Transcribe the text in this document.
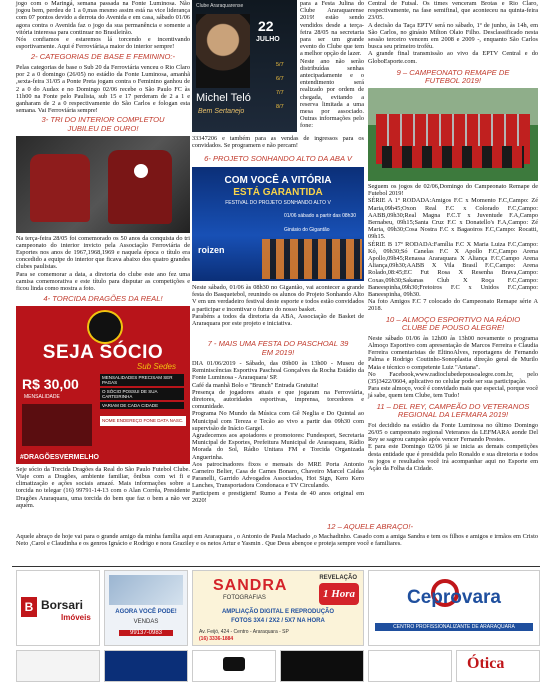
jogo com o Maringá, semana passada na Fonte Luminosa. Não jogou bem, perdeu de 1 a 0,mas mesmo assim está na vice liderança com 07 pontos devido a derrota do Avenida e em casa, sábado 01/06 agora contra o Avenida faz o jogo da sua permanência e somente a vitória interessa para continuar no Brasileirão.
Nós confiamos e estaremos lá torcendo e incentivando esportivamente. Aqui é Ferroviária,a maior do interior sempre!

2- CATEGORIAS DE BASE E FEMININO:-

Pelas categorias de base o Sub 20 da Ferroviária venceu o Rio Claro por 2 a 0 domingo (26/05) no estádio da Fonte Luminosa, amanhã ,sexta-feira 31/05 a Ponte Preta jogam contra o Feminino ganhou de 2 a 0 do Audax e no Domingo 02/06 recebe o São Paulo FC às 11h00 na Fonte pelo Paulista, sub 15 e 17 perderam de 2 a 1 e ganharam de 2 a 0 respectivamente do São Carlos e fologan esta semana. Vai Ferroviária sempre!

3- TRI DO INTERIOR COMPLETOU JUBILEU DE OURO!

Na terça-feira 28/05 foi comemorado os 50 anos da conquista do tri campeonato do interior invicto pela Associação Ferroviária de Esportes nos anos de 1967,1968,1969 e naquela época o título era concedido a equipe do interior que ficava abaixo dos quatro grandes clubes paulistas.
Para se comemorar a data, a diretoria do clube este ano fez uma camisa comemorativa e este título para disputar as competições e ficou linda como mostra a foto.

4- TORCIDA DRAGÕES DA REAL!
SEJA SÓCIO
Sub Sedes
R$ 30,00
MENSALIDADE
MENSALIDADES PRECISAM SER PAGAS
O SÓCIO POSSUI DE SUA CARTEIRINHA
VARIAM DE CADA CIDADE
NOME ENDEREÇO FONE DATA NASC.
#DRAGÕESVERMELHO

Seje sócio da Torcida Dragões da Real do São Paulo Futebol Clube. Viaje com a Dragões, ambiente familiar, ônibus com wi fi e climatização e ações sociais amazé. Mais informações sobre a torcida no telegar (16) 99791-14-13 com o Alan Corrêa, Presidente Dragões Araraquara, uma torcida do bem que faz o bem a não ver aquém.

Clube Araraquarense
22
JULHO
Michel Teló
Bem Sertanejo
5/7
6/7
7/7
8/7

para a Festa Julina do Clube Araraquarense 2019! estão sendo vendidos desde a terça-feira 28/05 na secretaria para ser um grande evento do Clube que tem a melhor opção de lazer.
Neste ano não serão distribuídas senhas antecipadamente e o entendimento será realizado por ordem de chegada, evitando a reserva limitada a uma mesa por associado. Outras informações pelo fone:

33347206 e também para as vendas de ingressos para os convidados. Se programem e não percam!

6- PROJETO SONHANDO ALTO DA ABA V
COM VOCÊ A VITÓRIA
ESTÁ GARANTIDA
FESTIVAL DO PROJETO SONHANDO ALTO V
01/06 sábado a partir das 08h30
Ginásio do Gigantão
roizen

Neste sábado, 01/06 às 08h30 no Gigantão, vai acontecer a grande festa do Basquetebol, reunindo os alunos do Projeto Sonhando Alto V em um verdadeiro festival deste esporte e todos estão convidados a participar e incentivar o futuro do nosso basket.
Parabéns a todos da diretoria da ABA, Associação de Basket de Araraquara por este projeto e iniciativa.

7 - MAIS UMA FESTA DO PASCHOAL 39 EM 2019!

DIA 01/06/2019 - Sábado, das 09h00 às 13h00 - Museu de Reminiscências Esportiva Paschoal Gonçalves da Rocha Estádio da Fonte Luminosa - Araraquara/ SP.
Café da manhã Bolo e "Brunch" Entrada Gratuita!
Presença de jogadores atuais e que jogaram na Ferroviária, diretores, autoridades esportivas, imprensa, torcedores e comunidade.
Programa No Mundo da Música com Gê Neglia e Do Quintal ao Municipal com Tereza e Tecão ao vivo a partir das 09h30 com supervisão de Inácio Gargel.
Agradecemos aos apoiadores e promotores: Fundesport, Secretaria Municipal de Esportes, Prefeitura Municipal de Araraquara, Rádio Morada do Sol, Rádio Unitara FM e Torcida Organizada Anguerinha.
Aos patrocinadores fixos e mensais do MRE Porta Antonio Carneiro Belier, Casa de Carnes Bonaro, Chaveiro Marcel Caldas Paranelli, Garrido Advogados Associados, Hot Sign, Kero Kero Lanches, Transportadora Condonaca e TV Circulando.
Participem e prestigiem! Rumo a Festa de 40 anos original em 2020!

Central de Futsal. Os times venceram Brotas e Rio Claro, respectivamente, na fase semifinal, que aconteceu na quinta-feira 23/05.
A decisão da Taça EPTV será no sábado, 1º de junho, às 14h, em São Carlos, no ginásio Milton Olaio Filho. Desclassificado nesta sessão terceiro vencem em 2008 e 2009 -, enquanto São Carlos busca seu primeiro troféu.
A grande final transmissão ao vivo da EPTV Central e do GloboEsporte.com.

9 – CAMPEONATO REMAPE DE FUTEBOL 2019!

Seguem os jogos de 02/06,Domingo do Campeonato Remape de Futebol 2019!
SÉRIE A 1º RODADA:Amigos F.C x Momento F.C,Campo: Zé Maria,09h45;Oxon Real F.C x Colorado F.C,Campo: AABB,09h30;Real Magna F.C.T x Juventude F.A,Campo Bernabeu, 09h15;Santa Cruz F.C x Donatello's F.A,Campo: Zé Maria, 09h30;Cosa Nostra F.C x Bagaoiros F.C,Campo: Rocatti, 09h15.
SÉRIE B 17º RODADA:Família F.C X Maria Luiza F.C,Campo: Kó, 09h30;Só Canelas F.C X Apollo F.C,Campo Arena Apollo,09h45;Renassa Araraquara X Aliança F.C,Campo Arena Aliança,09h30;AABB X Vila Brasil F.C,Campo: Arena Rolado,08:45;EC Fut Rosa X Resenha Brava,Campo: Coxas,09h30;Sakanas Club X Roça F.C,Campo: Baneespinha,09h30;Fretoiros F.C x Unidos F.C,Campo: Baneespinha, 09h30.
Na foto Amigos F.C 7 colocado do Campeonato Remape série A 2018.

10 – ALMOÇO ESPORTIVO NA RÁDIO CLUBE DE POUSO ALEGRE!

Neste sábado 01/06 às 12h00 às 13h00 novamente o programa Almoço Esportivo com apresentação de Marcos Ferreira e Claudia Ferreira comentaristas de EltinoAlves, reportagens de Fernando Palma e Rodrigo Coutinho-Sonoplastia direção geral de Murilo Maia e técnico o competente Luiz "Antana".
No Facebook,www.radioclubedepousoalegre.com.br, pelo (35)3422/0604, aplicativo no celular pode ser sua participação.
Para este almoço, você é convidado mais que especial, porque você já sabe, quem tem Clube, tem Tudo!

11 – DEL REY, CAMPEÃO DO VETERANOS REGIONAL DA LEFMARA 2019!

Foi decidido na estádio da Fonte Luminosa no último Domingo 26/05 o campeonato regional Veteranos da LEFMARA aonde Del Rey se sagrou campeão após vencer Fernando Prestes.
E para este Domingo 02/06 já se inicia as demais competições desta entidade que é presidida pelo Ronaldo e sua diretoria e todos os jogos e resultados você irá acompanhar aqui no Esporte em Ação da Folha da Cidade.

12 – AQUELE ABRAÇO!-

Aquele abraço de hoje vai para o grande amigo da minha família aqui em Araraquara , o Antonio de Paula Machado ,o Machadinho. Casado com a amiga Sandra e tem os filhos e amigos e irmãos em Cristo Neto ,Carol e Claudinha e os genros Ignácio e Rodrigo e nora Graziley e os netos Artur e Yasmin . Que Deus abençoe e proteja sempre você e familiares.

B Borsari
Imóveis
AGORA VOCÊ PODE!
VENDAS
99137-0983
SANDRA
FOTOGRAFIAS
REVELAÇÃO
1 Hora
AMPLIAÇÃO DIGITAL E REPRODUÇÃO
FOTOS 3X4 / 2X2 / 5X7 NA HORA
Av. Feijó, 424 - Centro - Araraquara - SP
(16) 3336-1884
Ceprovara
CENTRO PROFISSIONALIZANTE DE ARARAQUARA
Ótica
